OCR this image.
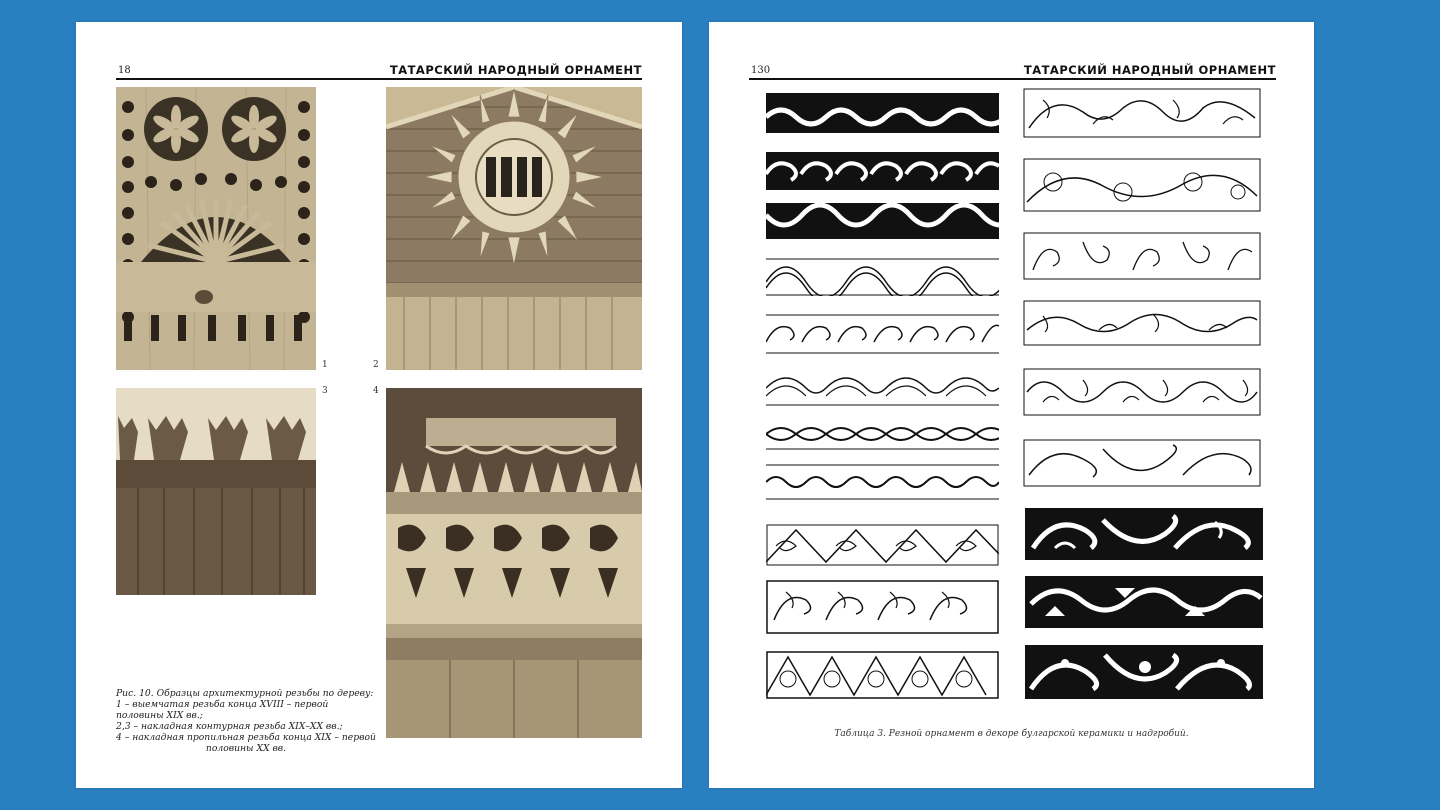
18	ТАТАРСКИЙ НАРОДНЫЙ ОРНАМЕНТ
1	2
3	4
Рис. 10. Образцы архитектурной резьбы по дереву:
1 – выемчатая резьба конца XVIII – первой половины XIX вв.;
2,3 – накладная контурная резьба XIX–XX вв.;
4 – накладная пропильная резьба конца XIX – первой
половины XX вв.
130	ТАТАРСКИЙ НАРОДНЫЙ ОРНАМЕНТ
Таблица 3. Резной орнамент в декоре булгарской керамики и надгробий.
